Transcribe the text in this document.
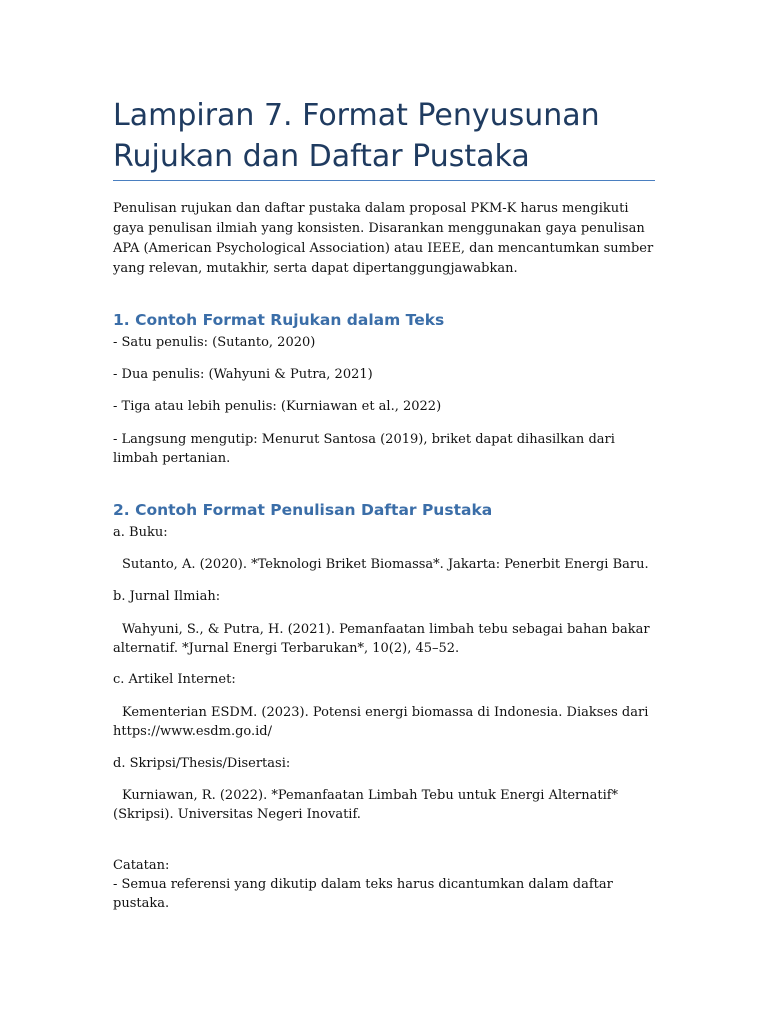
Lampiran 7. Format Penyusunan Rujukan dan Daftar Pustaka

Penulisan rujukan dan daftar pustaka dalam proposal PKM-K harus mengikuti gaya penulisan ilmiah yang konsisten. Disarankan menggunakan gaya penulisan APA (American Psychological Association) atau IEEE, dan mencantumkan sumber yang relevan, mutakhir, serta dapat dipertanggungjawabkan.

1. Contoh Format Rujukan dalam Teks

- Satu penulis: (Sutanto, 2020)

- Dua penulis: (Wahyuni & Putra, 2021)

- Tiga atau lebih penulis: (Kurniawan et al., 2022)

- Langsung mengutip: Menurut Santosa (2019), briket dapat dihasilkan dari limbah pertanian.

2. Contoh Format Penulisan Daftar Pustaka

a. Buku:

Sutanto, A. (2020). *Teknologi Briket Biomassa*. Jakarta: Penerbit Energi Baru.

b. Jurnal Ilmiah:

Wahyuni, S., & Putra, H. (2021). Pemanfaatan limbah tebu sebagai bahan bakar alternatif. *Jurnal Energi Terbarukan*, 10(2), 45–52.

c. Artikel Internet:

Kementerian ESDM. (2023). Potensi energi biomassa di Indonesia. Diakses dari https://www.esdm.go.id/

d. Skripsi/Thesis/Disertasi:

Kurniawan, R. (2022). *Pemanfaatan Limbah Tebu untuk Energi Alternatif* (Skripsi). Universitas Negeri Inovatif.

Catatan:

- Semua referensi yang dikutip dalam teks harus dicantumkan dalam daftar pustaka.
